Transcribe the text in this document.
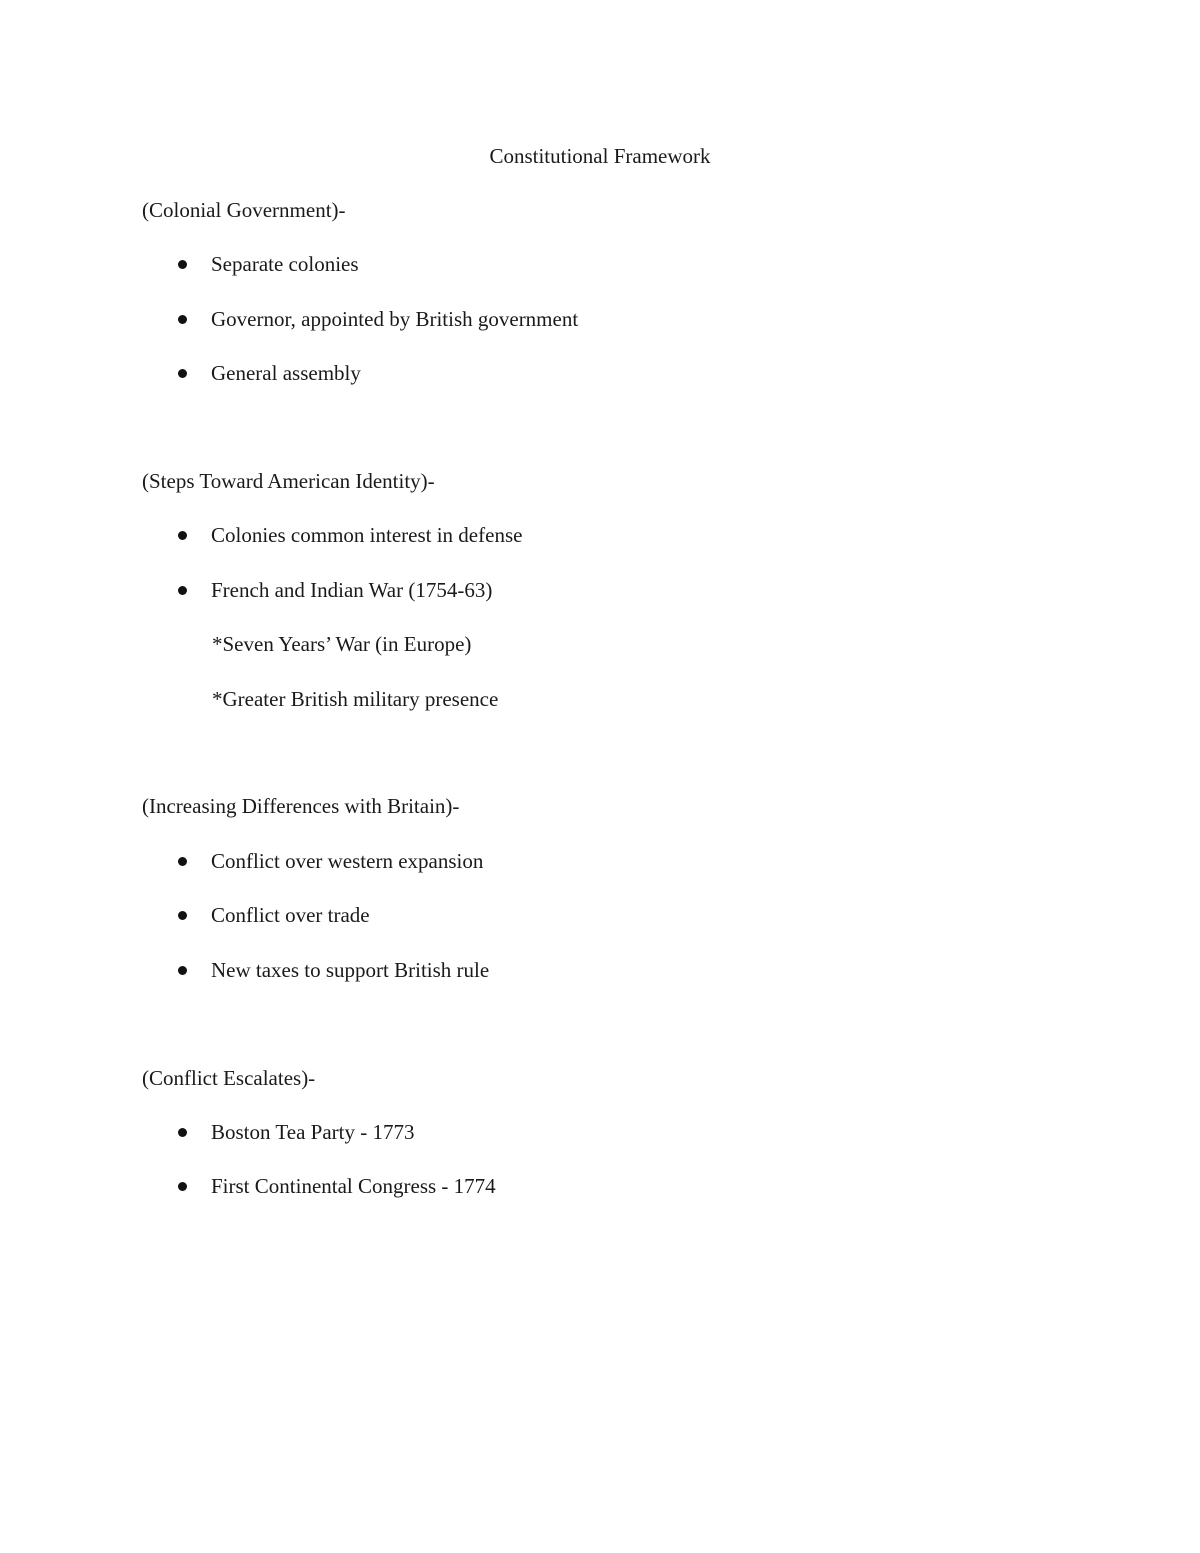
Constitutional Framework
(Colonial Government)-
Separate colonies
Governor, appointed by British government
General assembly
(Steps Toward American Identity)-
Colonies common interest in defense
French and Indian War (1754-63)
*Seven Years’ War (in Europe)
*Greater British military presence
(Increasing Differences with Britain)-
Conflict over western expansion
Conflict over trade
New taxes to support British rule
(Conflict Escalates)-
Boston Tea Party - 1773
First Continental Congress - 1774
